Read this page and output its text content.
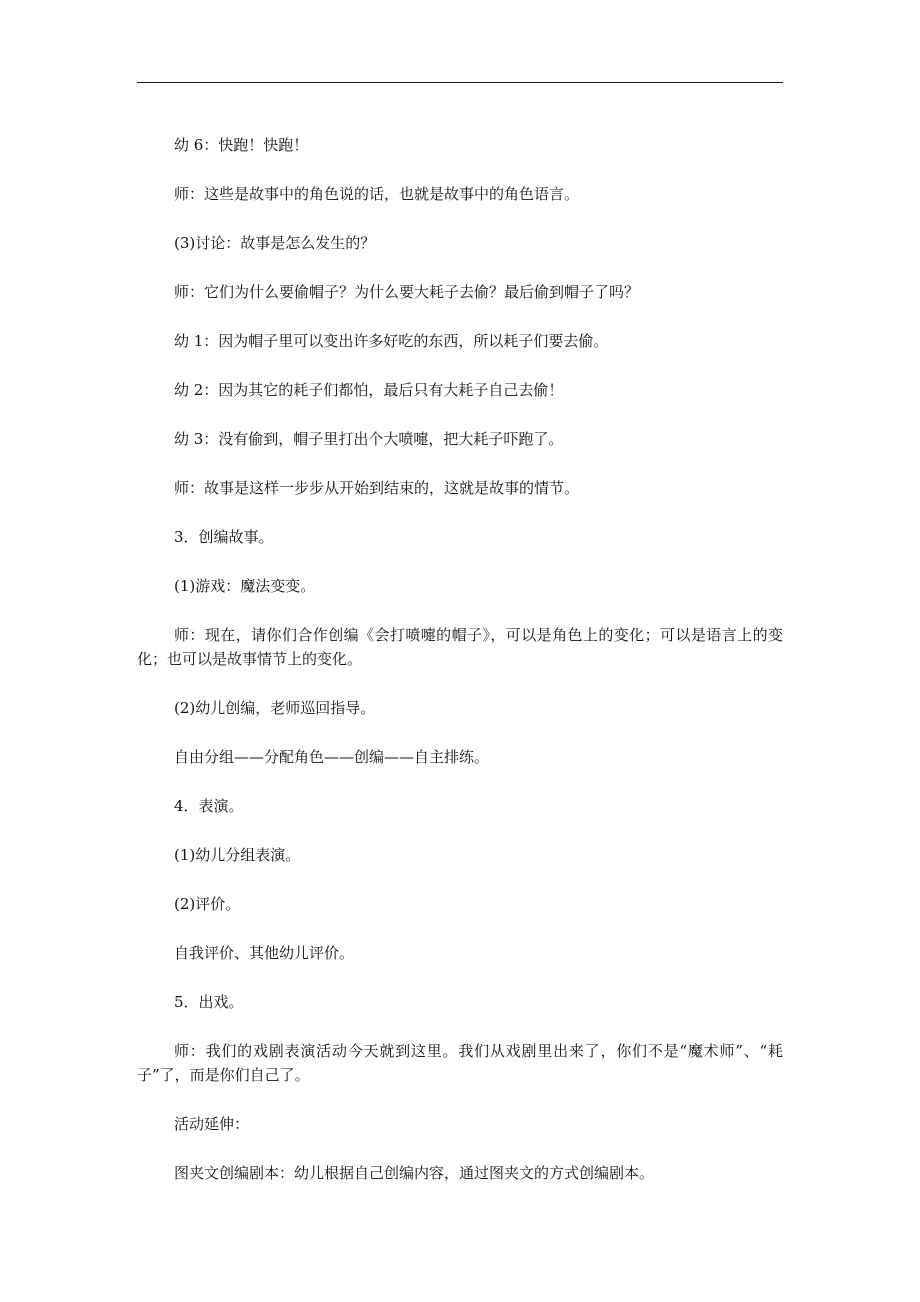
幼 6：快跑！快跑！

师：这些是故事中的角色说的话，也就是故事中的角色语言。

(3)讨论：故事是怎么发生的？

师：它们为什么要偷帽子？为什么要大耗子去偷？最后偷到帽子了吗？

幼 1：因为帽子里可以变出许多好吃的东西，所以耗子们要去偷。

幼 2：因为其它的耗子们都怕，最后只有大耗子自己去偷！

幼 3：没有偷到，帽子里打出个大喷嚏，把大耗子吓跑了。

师：故事是这样一步步从开始到结束的，这就是故事的情节。

3．创编故事。

(1)游戏：魔法变变。

师：现在，请你们合作创编《会打喷嚏的帽子》，可以是角色上的变化；可以是语言上的变化；也可以是故事情节上的变化。

(2)幼儿创编，老师巡回指导。

自由分组——分配角色——创编——自主排练。

4．表演。

(1)幼儿分组表演。

(2)评价。

自我评价、其他幼儿评价。

5．出戏。

师：我们的戏剧表演活动今天就到这里。我们从戏剧里出来了，你们不是“魔术师”、“耗子”了，而是你们自己了。

活动延伸：

图夹文创编剧本：幼儿根据自己创编内容，通过图夹文的方式创编剧本。
